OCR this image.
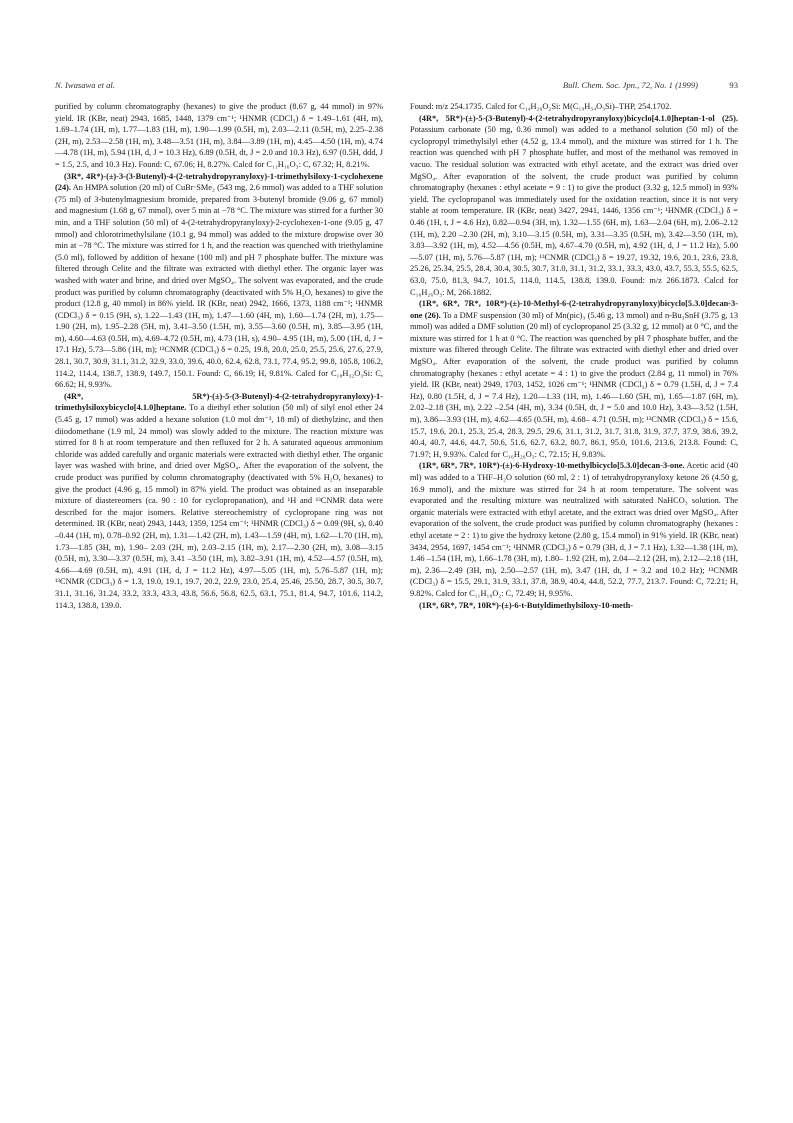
N. Iwasawa et al.	Bull. Chem. Soc. Jpn., 72, No. 1 (1999)	93

purified by column chromatography (hexanes) to give the product (8.67 g, 44 mmol) in 97% yield. IR (KBr, neat) 2943, 1685, 1448, 1379 cm⁻¹; ¹HNMR (CDCl₃) δ = 1.49–1.61 (4H, m), 1.69–1.74 (1H, m), 1.77—1.83 (1H, m), 1.90—1.99 (0.5H, m), 2.03—2.11 (0.5H, m), 2.25–2.38 (2H, m), 2.53—2.58 (1H, m), 3.48—3.51 (1H, m), 3.84—3.89 (1H, m), 4.45—4.50 (1H, m), 4.74—4.78 (1H, m), 5.94 (1H, d, J = 10.3 Hz), 6.89 (0.5H, dt, J = 2.0 and 10.3 Hz), 6.97 (0.5H, ddd, J = 1.5, 2.5, and 10.3 Hz). Found: C, 67.06; H, 8.27%. Calcd for C₁₁H₁₆O₃: C, 67.32; H, 8.21%.

(3R*, 4R*)-(±)-3-(3-Butenyl)-4-(2-tetrahydropyranyloxy)-1-trimethylsiloxy-1-cyclohexene (24). An HMPA solution (20 ml) of CuBr·SMe₂ (543 mg, 2.6 mmol) was added to a THF solution (75 ml) of 3-butenylmagnesium bromide, prepared from 3-butenyl bromide (9.06 g, 67 mmol) and magnesium (1.68 g, 67 mmol), over 5 min at −78 °C. The mixture was stirred for a further 30 min, and a THF solution (50 ml) of 4-(2-tetrahydropyranyloxy)-2-cyclohexen-1-one (9.05 g, 47 mmol) and chlorotrimethylsilane (10.1 g, 94 mmol) was added to the mixture dropwise over 30 min at −78 °C. The mixture was stirred for 1 h, and the reaction was quenched with triethylamine (5.0 ml), followed by addition of hexane (100 ml) and pH 7 phosphate buffer. The mixture was filtered through Celite and the filtrate was extracted with diethyl ether. The organic layer was washed with water and brine, and dried over MgSO₄. The solvent was evaporated, and the crude product was purified by column chromatography (deactivated with 5% H₂O, hexanes) to give the product (12.8 g, 40 mmol) in 86% yield. IR (KBr, neat) 2942, 1666, 1373, 1188 cm⁻¹; ¹HNMR (CDCl₃) δ = 0.15 (9H, s), 1.22—1.43 (1H, m), 1.47—1.60 (4H, m), 1.60—1.74 (2H, m), 1.75—1.90 (2H, m), 1.95–2.28 (5H, m), 3.41–3.50 (1.5H, m), 3.55—3.60 (0.5H, m), 3.85—3.95 (1H, m), 4.60—4.63 (0.5H, m), 4.69–4.72 (0.5H, m), 4.73 (1H, s), 4.90– 4.95 (1H, m), 5.00 (1H, d, J = 17.1 Hz), 5.73—5.86 (1H, m); ¹³CNMR (CDCl₃) δ = 0.25, 19.8, 20.0, 25.0, 25.5, 25.6, 27.6, 27.9, 28.1, 30.7, 30.9, 31.1, 31.2, 32.9, 33.0, 39.6, 40.0, 62.4, 62.8, 73.1, 77.4, 95.2, 99.8, 105.8, 106.2, 114.2, 114.4, 138.7, 138.9, 149.7, 150.1. Found: C, 66.19; H, 9.81%. Calcd for C₁₈H₃₂O₃Si: C, 66.62; H, 9.93%.

(4R*, 5R*)-(±)-5-(3-Butenyl)-4-(2-tetrahydropyranyloxy)-1-trimethylsiloxybicyclo[4.1.0]heptane. To a diethyl ether solution (50 ml) of silyl enol ether 24 (5.45 g, 17 mmol) was added a hexane solution (1.0 mol dm⁻³, 18 ml) of diethylzinc, and then diiodomethane (1.9 ml, 24 mmol) was slowly added to the mixture. The reaction mixture was stirred for 8 h at room temperature and then refluxed for 2 h. A saturated aqueous ammonium chloride was added carefully and organic materials were extracted with diethyl ether. The organic layer was washed with brine, and dried over MgSO₄. After the evaporation of the solvent, the crude product was purified by column chromatography (deactivated with 5% H₂O, hexanes) to give the product (4.96 g, 15 mmol) in 87% yield. The product was obtained as an inseparable mixture of diastereomers (ca. 90 : 10 for cyclopropanation), and ¹H and ¹³CNMR data were described for the major isomers. Relative stereochemistry of cyclopropane ring was not determined. IR (KBr, neat) 2943, 1443, 1359, 1254 cm⁻¹; ¹HNMR (CDCl₃) δ = 0.09 (9H, s), 0.40 –0.44 (1H, m), 0.78–0.92 (2H, m), 1.31—1.42 (2H, m), 1.43—1.59 (4H, m), 1.62—1.70 (1H, m), 1.73—1.85 (3H, m), 1.90– 2.03 (2H, m), 2.03–2.15 (1H, m), 2.17—2.30 (2H, m), 3.08—3.15 (0.5H, m), 3.30—3.37 (0.5H, m), 3.41 –3.50 (1H, m), 3.82–3.91 (1H, m), 4.52—4.57 (0.5H, m), 4.66—4.69 (0.5H, m), 4.91 (1H, d, J = 11.2 Hz), 4.97—5.05 (1H, m), 5.76–5.87 (1H, m); ¹³CNMR (CDCl₃) δ = 1.3, 19.0, 19.1, 19.7, 20.2, 22.9, 23.0, 25.4, 25.46, 25.50, 28.7, 30.5, 30.7, 31.1, 31.16, 31.24, 33.2, 33.3, 43.3, 43.8, 56.6, 56.8, 62.5, 63.1, 75.1, 81.4, 94.7, 101.6, 114.2, 114.3, 138.8, 139.0.

Found: m/z 254.1735. Calcd for C₁₄H₂₆O₂Si: M(C₁₉H₃₄O₃Si)–THP, 254.1702.

(4R*, 5R*)-(±)-5-(3-Butenyl)-4-(2-tetrahydropyranyloxy)bicyclo[4.1.0]heptan-1-ol (25). Potassium carbonate (50 mg, 0.36 mmol) was added to a methanol solution (50 ml) of the cyclopropyl trimethylsilyl ether (4.52 g, 13.4 mmol), and the mixture was stirred for 1 h. The reaction was quenched with pH 7 phosphate buffer, and most of the methanol was removed in vacuo. The residual solution was extracted with ethyl acetate, and the extract was dried over MgSO₄. After evaporation of the solvent, the crude product was purified by column chromatography (hexanes : ethyl acetate = 9 : 1) to give the product (3.32 g, 12.5 mmol) in 93% yield. The cyclopropanol was immediately used for the oxidation reaction, since it is not very stable at room temperature. IR (KBr, neat) 3427, 2941, 1446, 1356 cm⁻¹; ¹HNMR (CDCl₃) δ = 0.46 (1H, t, J = 4.6 Hz), 0.82—0.94 (3H, m), 1.32—1.55 (6H, m), 1.63—2.04 (6H, m), 2.06–2.12 (1H, m), 2.20 –2.30 (2H, m), 3.10—3.15 (0.5H, m), 3.31—3.35 (0.5H, m), 3.42—3.50 (1H, m), 3.83—3.92 (1H, m), 4.52—4.56 (0.5H, m), 4.67–4.70 (0.5H, m), 4.92 (1H, d, J = 11.2 Hz), 5.00—5.07 (1H, m), 5.76—5.87 (1H, m); ¹³CNMR (CDCl₃) δ = 19.27, 19.32, 19.6, 20.1, 23.6, 23.8, 25.26, 25.34, 25.5, 28.4, 30.4, 30.5, 30.7, 31.0, 31.1, 31.2, 33.1, 33.3, 43.0, 43.7, 55.3, 55.5, 62.5, 63.0, 75.0, 81.3, 94.7, 101.5, 114.0, 114.5, 138.8, 139.0. Found: m/z 266.1873. Calcd for C₁₆H₂₆O₃: M, 266.1882.

(1R*, 6R*, 7R*, 10R*)-(±)-10-Methyl-6-(2-tetrahydropyranyloxy)bicyclo[5.3.0]decan-3-one (26). To a DMF suspension (30 ml) of Mn(pic)₃ (5.46 g, 13 mmol) and n-Bu₃SnH (3.75 g, 13 mmol) was added a DMF solution (20 ml) of cyclopropanol 25 (3.32 g, 12 mmol) at 0 °C, and the mixture was stirred for 1 h at 0 °C. The reaction was quenched by pH 7 phosphate buffer, and the mixture was filtered through Celite. The filtrate was extracted with diethyl ether and dried over MgSO₄. After evaporation of the solvent, the crude product was purified by column chromatography (hexanes : ethyl acetate = 4 : 1) to give the product (2.84 g, 11 mmol) in 76% yield. IR (KBr, neat) 2949, 1703, 1452, 1026 cm⁻¹; ¹HNMR (CDCl₃) δ = 0.79 (1.5H, d, J = 7.4 Hz), 0.80 (1.5H, d, J = 7.4 Hz), 1.20—1.33 (1H, m), 1.46—1.60 (5H, m), 1.65—1.87 (6H, m), 2.02–2.18 (3H, m), 2.22 –2.54 (4H, m), 3.34 (0.5H, dt, J = 5.0 and 10.0 Hz), 3.43—3.52 (1.5H, m), 3.86—3.93 (1H, m), 4.62—4.65 (0.5H, m), 4.68– 4.71 (0.5H, m); ¹³CNMR (CDCl₃) δ = 15.6, 15.7, 19.6, 20.1, 25.3, 25.4, 28.3, 29.5, 29.6, 31.1, 31.2, 31.7, 31.8, 31.9, 37.7, 37.9, 38.6, 39.2, 40.4, 40.7, 44.6, 44.7, 50.6, 51.6, 62.7, 63.2, 80.7, 86.1, 95.0, 101.6, 213.6, 213.8. Found: C, 71.97; H, 9.93%. Calcd for C₁₆H₂₆O₃: C, 72.15; H, 9.83%.

(1R*, 6R*, 7R*, 10R*)-(±)-6-Hydroxy-10-methylbicyclo[5.3.0]decan-3-one. Acetic acid (40 ml) was added to a THF–H₂O solution (60 ml, 2 : 1) of tetrahydropyranyloxy ketone 26 (4.50 g, 16.9 mmol), and the mixture was stirred for 24 h at room temperature. The solvent was evaporated and the resulting mixture was neutralized with saturated NaHCO₃ solution. The organic materials were extracted with ethyl acetate, and the extract was dried over MgSO₄. After evaporation of the solvent, the crude product was purified by column chromatography (hexanes : ethyl acetate = 2 : 1) to give the hydroxy ketone (2.80 g, 15.4 mmol) in 91% yield. IR (KBr, neat) 3434, 2954, 1697, 1454 cm⁻¹; ¹HNMR (CDCl₃) δ = 0.79 (3H, d, J = 7.1 Hz), 1.32—1.38 (1H, m), 1.46 –1.54 (1H, m), 1.66–1.78 (3H, m), 1.80– 1.92 (2H, m), 2.04—2.12 (2H, m), 2.12—2.18 (1H, m), 2.36—2.49 (3H, m), 2.50—2.57 (1H, m), 3.47 (1H, dt, J = 3.2 and 10.2 Hz); ¹³CNMR (CDCl₃) δ = 15.5, 29.1, 31.9, 33.1, 37.8, 38.9, 40.4, 44.8, 52.2, 77.7, 213.7. Found: C, 72.21; H, 9.82%. Calcd for C₁₁H₁₈O₂: C, 72.49; H, 9.95%.

(1R*, 6R*, 7R*, 10R*)-(±)-6-t-Butyldimethylsiloxy-10-meth-
